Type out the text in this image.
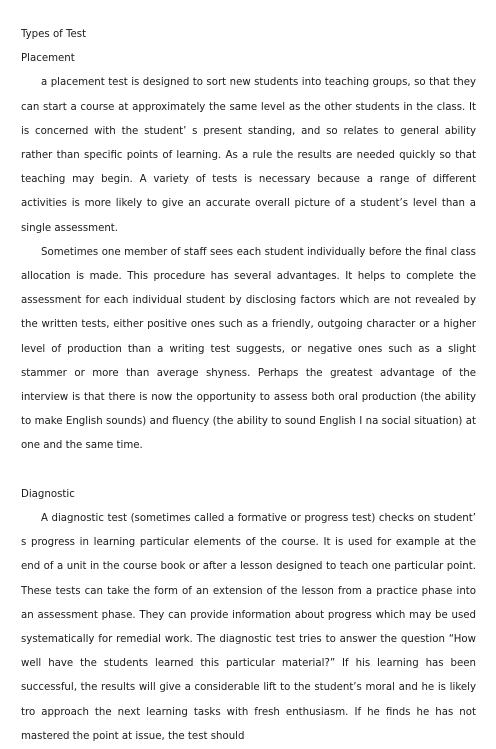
Types of Test

Placement

a placement test is designed to sort new students into teaching groups, so that they can start a course at approximately the same level as the other students in the class. It is concerned with the student’ s present standing, and so relates to general ability rather than specific points of learning. As a rule the results are needed quickly so that teaching may begin. A variety of tests is necessary because a range of different activities is more likely to give an accurate overall picture of a student’s level than a single assessment.

Sometimes one member of staff sees each student individually before the final class allocation is made. This procedure has several advantages. It helps to complete the assessment for each individual student by disclosing factors which are not revealed by the written tests, either positive ones such as a friendly, outgoing character or a higher level of production than a writing test suggests, or negative ones such as a slight stammer or more than average shyness. Perhaps the greatest advantage of the interview is that there is now the opportunity to assess both oral production (the ability to make English sounds) and fluency (the ability to sound English I na social situation) at one and the same time.

Diagnostic

A diagnostic test (sometimes called a formative or progress test) checks on student’ s progress in learning particular elements of the course. It is used for example at the end of a unit in the course book or after a lesson designed to teach one particular point. These tests can take the form of an extension of the lesson from a practice phase into an assessment phase. They can provide information about progress which may be used systematically for remedial work. The diagnostic test tries to answer the question “How well have the students learned this particular material?” If his learning has been successful, the results will give a considerable lift to the student’s moral and he is likely tro approach the next learning tasks with fresh enthusiasm. If he finds he has not mastered the point at issue, the test should
